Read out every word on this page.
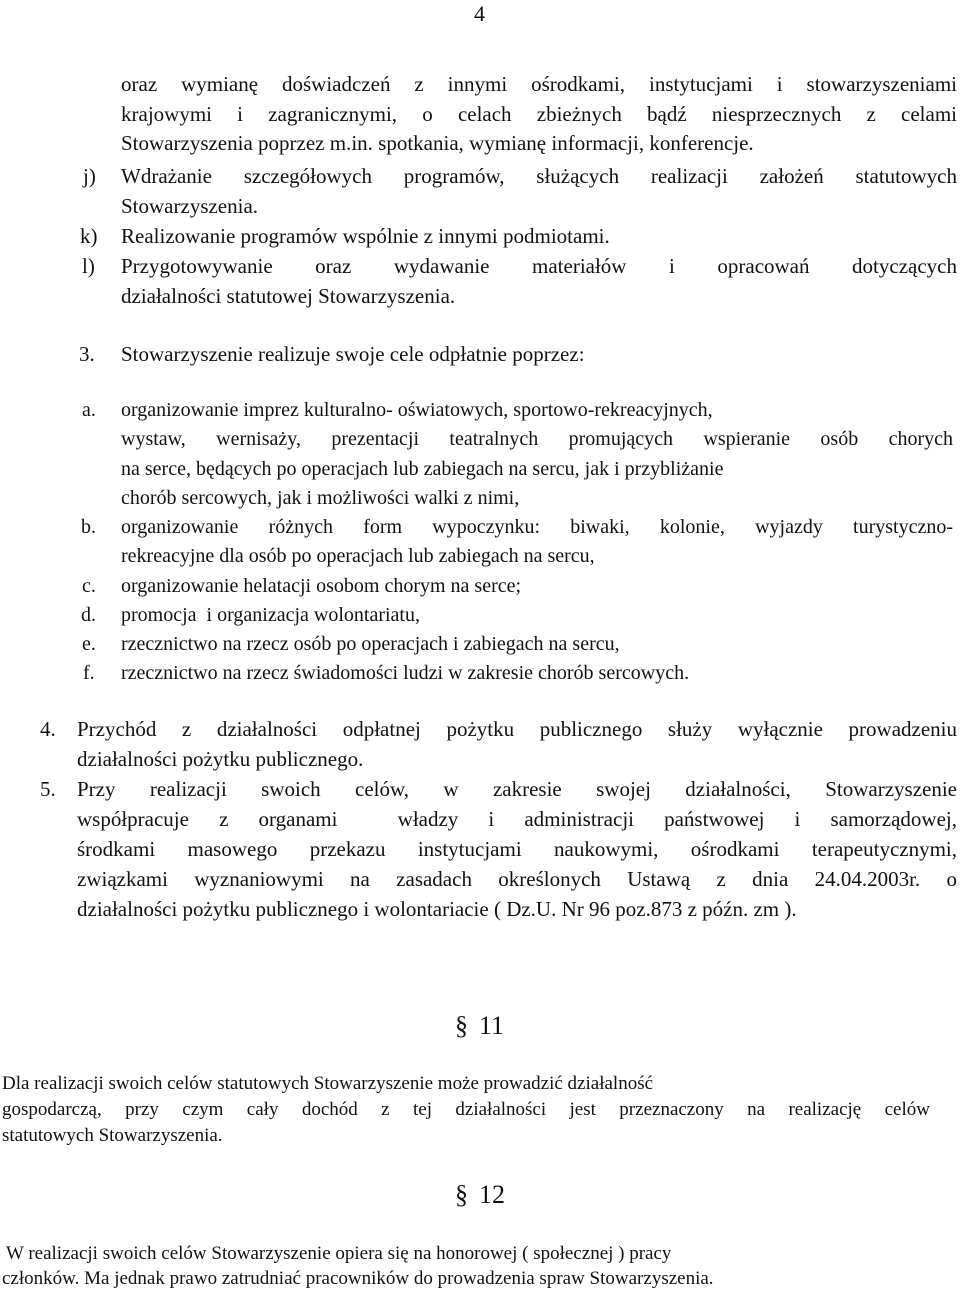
4
oraz wymianę doświadczeń z innymi ośrodkami, instytucjami i stowarzyszeniami
krajowymi i zagranicznymi, o celach zbieżnych bądź niesprzecznych z celami
Stowarzyszenia poprzez m.in. spotkania, wymianę informacji, konferencje.
j) Wdrażanie szczegółowych programów, służących realizacji założeń statutowych
Stowarzyszenia.
k) Realizowanie programów wspólnie z innymi podmiotami.
l) Przygotowywanie oraz wydawanie materiałów i opracowań dotyczących
działalności statutowej Stowarzyszenia.
3. Stowarzyszenie realizuje swoje cele odpłatnie poprzez:
a. organizowanie imprez kulturalno- oświatowych, sportowo-rekreacyjnych,
wystaw, wernisaży, prezentacji teatralnych promujących wspieranie osób chorych
na serce, będących po operacjach lub zabiegach na sercu, jak i przybliżanie
chorób sercowych, jak i możliwości walki z nimi,
b. organizowanie różnych form wypoczynku: biwaki, kolonie, wyjazdy turystyczno-
rekreacyjne dla osób po operacjach lub zabiegach na sercu,
c. organizowanie helatacji osobom chorym na serce;
d. promocja  i organizacja wolontariatu,
e. rzecznictwo na rzecz osób po operacjach i zabiegach na sercu,
f. rzecznictwo na rzecz świadomości ludzi w zakresie chorób sercowych.
4. Przychód z działalności odpłatnej pożytku publicznego służy wyłącznie prowadzeniu
działalności pożytku publicznego.
5. Przy realizacji swoich celów, w zakresie swojej działalności, Stowarzyszenie
współpracuje z organami  władzy i administracji państwowej i samorządowej,
środkami masowego przekazu instytucjami naukowymi, ośrodkami terapeutycznymi,
związkami wyznaniowymi na zasadach określonych Ustawą z dnia 24.04.2003r. o
działalności pożytku publicznego i wolontariacie ( Dz.U. Nr 96 poz.873 z późn. zm ).
§ 11
Dla realizacji swoich celów statutowych Stowarzyszenie może prowadzić działalność
gospodarczą, przy czym cały dochód z tej działalności jest przeznaczony na realizację celów
statutowych Stowarzyszenia.
§ 12
W realizacji swoich celów Stowarzyszenie opiera się na honorowej ( społecznej ) pracy
członków. Ma jednak prawo zatrudniać pracowników do prowadzenia spraw Stowarzyszenia.
